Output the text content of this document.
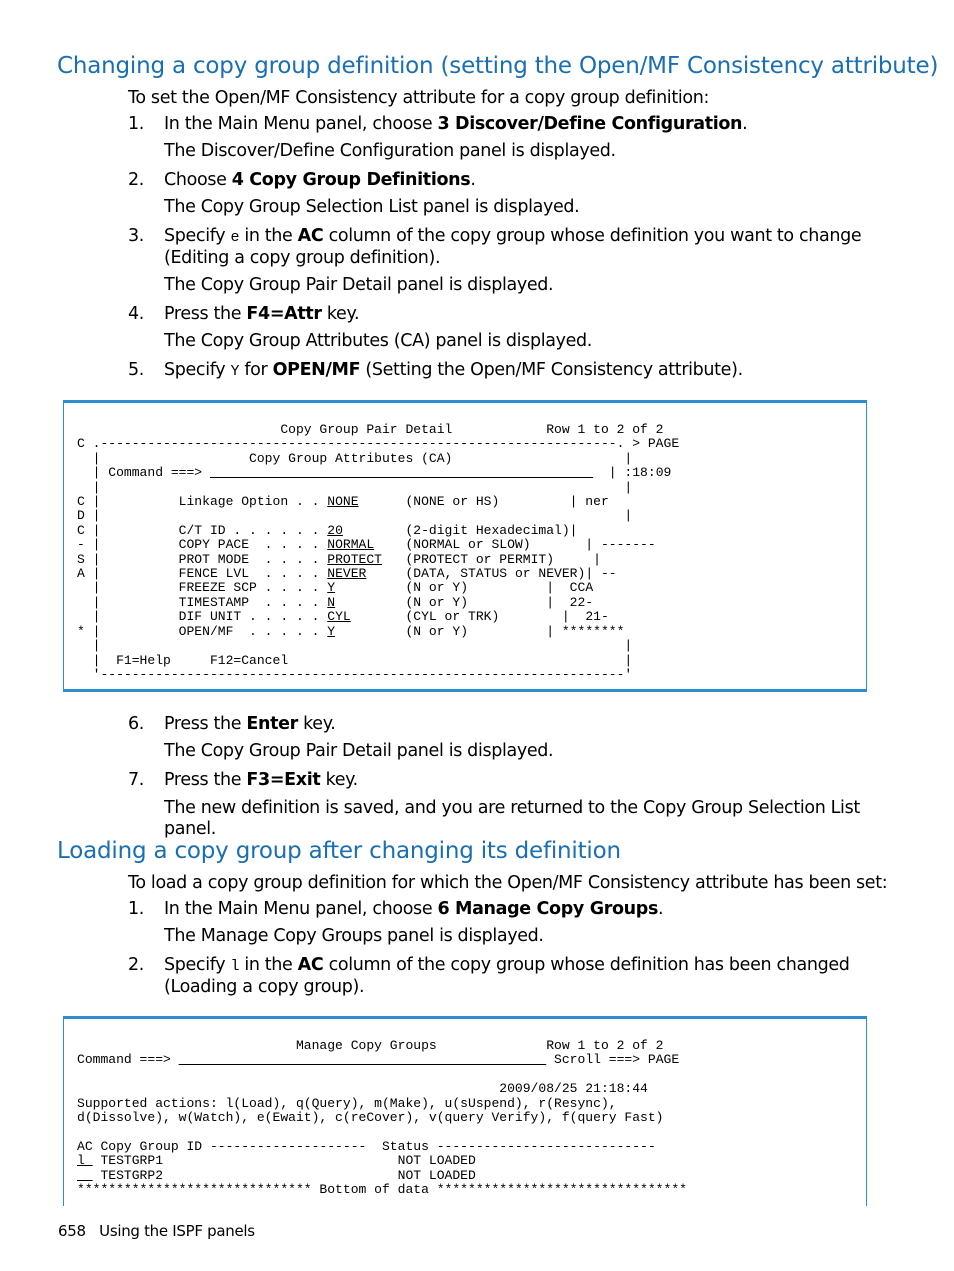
Changing a copy group definition (setting the Open/MF Consistency attribute)

To set the Open/MF Consistency attribute for a copy group definition:

1. In the Main Menu panel, choose 3 Discover/Define Configuration.

The Discover/Define Configuration panel is displayed.

2. Choose 4 Copy Group Definitions.

The Copy Group Selection List panel is displayed.

3. Specify e in the AC column of the copy group whose definition you want to change (Editing a copy group definition).

The Copy Group Pair Detail panel is displayed.

4. Press the F4=Attr key.

The Copy Group Attributes (CA) panel is displayed.

5. Specify Y for OPEN/MF (Setting the Open/MF Consistency attribute).

Copy Group Pair Detail            Row 1 to 2 of 2
C .------------------------------------------------------------------. > PAGE
|                   Copy Group Attributes (CA)                      |
| Command ===>	| :18:09
|                                                                   |
C |          Linkage Option . . NONE	(NONE or HS)         | ner
D |                                                                   |
C |          C/T ID . . . . . . 20	(2-digit Hexadecimal)|
- |          COPY PACE  . . . . NORMAL    (NORMAL or SLOW)       | -------
S |          PROT MODE  . . . . PROTECT   (PROTECT or PERMIT)     |
A |          FENCE LVL  . . . . NEVER	(DATA, STATUS or NEVER)| --
|          FREEZE SCP . . . . Y	(N or Y)          |  CCA
|          TIMESTAMP  . . . . N	(N or Y)          |  22-
|          DIF UNIT . . . . . CYL	(CYL or TRK)        |  21-
* |          OPEN/MF  . . . . . Y	(N or Y)          | ********
|                                                                   |
|  F1=Help     F12=Cancel                                           |
'-------------------------------------------------------------------'
6. Press the Enter key.

The Copy Group Pair Detail panel is displayed.

7. Press the F3=Exit key.

The new definition is saved, and you are returned to the Copy Group Selection List panel.

Loading a copy group after changing its definition

To load a copy group definition for which the Open/MF Consistency attribute has been set:

1. In the Main Menu panel, choose 6 Manage Copy Groups.

The Manage Copy Groups panel is displayed.

2. Specify l in the AC column of the copy group whose definition has been changed (Loading a copy group).

Manage Copy Groups              Row 1 to 2 of 2
Command ===>	Scroll ===> PAGE

2009/08/25 21:18:44
Supported actions: l(Load), q(Query), m(Make), u(sUspend), r(Resync),
d(Dissolve), w(Watch), e(Ewait), c(reCover), v(query Verify), f(query Fast)

AC Copy Group ID --------------------  Status ----------------------------
l  TESTGRP1                              NOT LOADED
TESTGRP2                              NOT LOADED
****************************** Bottom of data ********************************
658 Using the ISPF panels
